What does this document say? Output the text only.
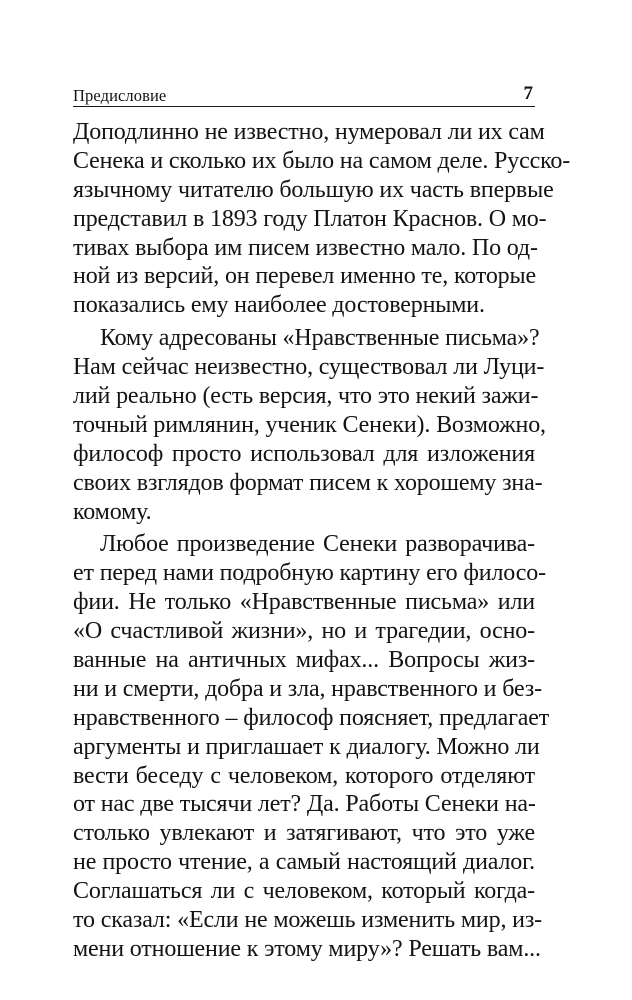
Предисловие	7
Доподлинно не известно, нумеровал ли их сам
Сенека и сколько их было на самом деле. Русско-
язычному читателю большую их часть впервые
представил в 1893 году Платон Краснов. О мо-
тивах выбора им писем известно мало. По од-
ной из версий, он перевел именно те, которые
показались ему наиболее достоверными.
Кому адресованы «Нравственные письма»?
Нам сейчас неизвестно, существовал ли Луци-
лий реально (есть версия, что это некий зажи-
точный римлянин, ученик Сенеки). Возможно,
философ просто использовал для изложения
своих взглядов формат писем к хорошему зна-
комому.
Любое произведение Сенеки разворачива-
ет перед нами подробную картину его филосо-
фии. Не только «Нравственные письма» или
«О счастливой жизни», но и трагедии, осно-
ванные на античных мифах... Вопросы жиз-
ни и смерти, добра и зла, нравственного и без-
нравственного – философ поясняет, предлагает
аргументы и приглашает к диалогу. Можно ли
вести беседу с человеком, которого отделяют
от нас две тысячи лет? Да. Работы Сенеки на-
столько увлекают и затягивают, что это уже
не просто чтение, а самый настоящий диалог.
Соглашаться ли с человеком, который когда-
то сказал: «Если не можешь изменить мир, из-
мени отношение к этому миру»? Решать вам...
